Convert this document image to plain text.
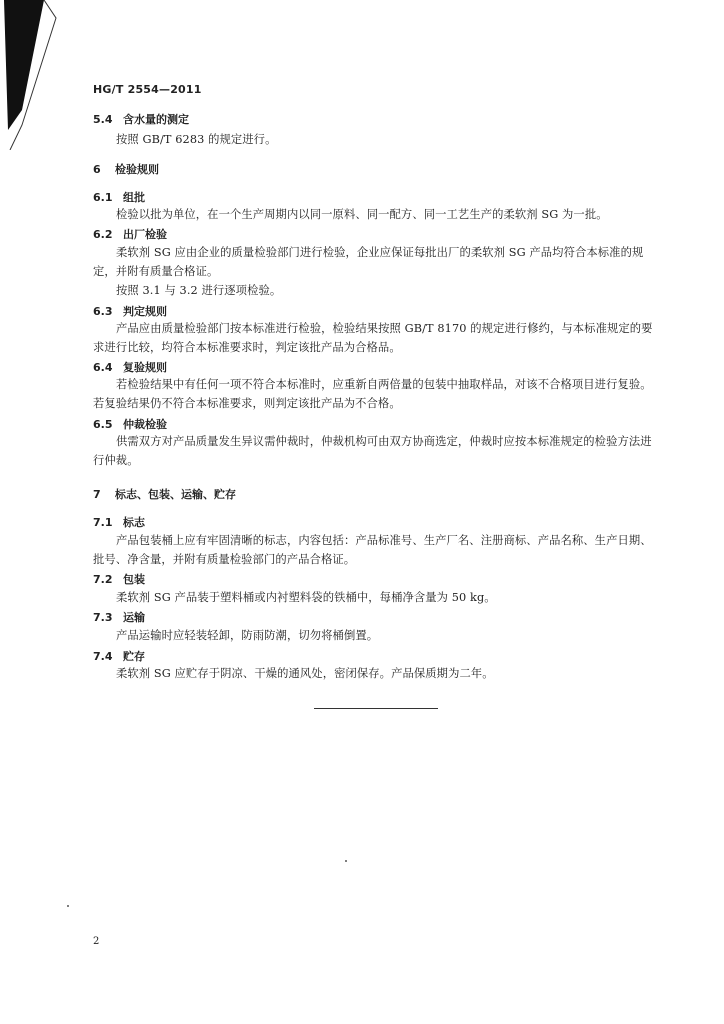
HG/T 2554—2011
5.4 含水量的测定
按照 GB/T 6283 的规定进行。
6 检验规则
6.1 组批
检验以批为单位，在一个生产周期内以同一原料、同一配方、同一工艺生产的柔软剂 SG 为一批。
6.2 出厂检验
柔软剂 SG 应由企业的质量检验部门进行检验，企业应保证每批出厂的柔软剂 SG 产品均符合本标准的规定，并附有质量合格证。
按照 3.1 与 3.2 进行逐项检验。
6.3 判定规则
产品应由质量检验部门按本标准进行检验，检验结果按照 GB/T 8170 的规定进行修约，与本标准规定的要求进行比较，均符合本标准要求时，判定该批产品为合格品。
6.4 复验规则
若检验结果中有任何一项不符合本标准时，应重新自两倍量的包装中抽取样品，对该不合格项目进行复验。若复验结果仍不符合本标准要求，则判定该批产品为不合格。
6.5 仲裁检验
供需双方对产品质量发生异议需仲裁时，仲裁机构可由双方协商选定，仲裁时应按本标准规定的检验方法进行仲裁。
7 标志、包装、运输、贮存
7.1 标志
产品包装桶上应有牢固清晰的标志，内容包括：产品标准号、生产厂名、注册商标、产品名称、生产日期、批号、净含量，并附有质量检验部门的产品合格证。
7.2 包装
柔软剂 SG 产品装于塑料桶或内衬塑料袋的铁桶中，每桶净含量为 50 kg。
7.3 运输
产品运输时应轻装轻卸，防雨防潮，切勿将桶倒置。
7.4 贮存
柔软剂 SG 应贮存于阴凉、干燥的通风处，密闭保存。产品保质期为二年。
2
